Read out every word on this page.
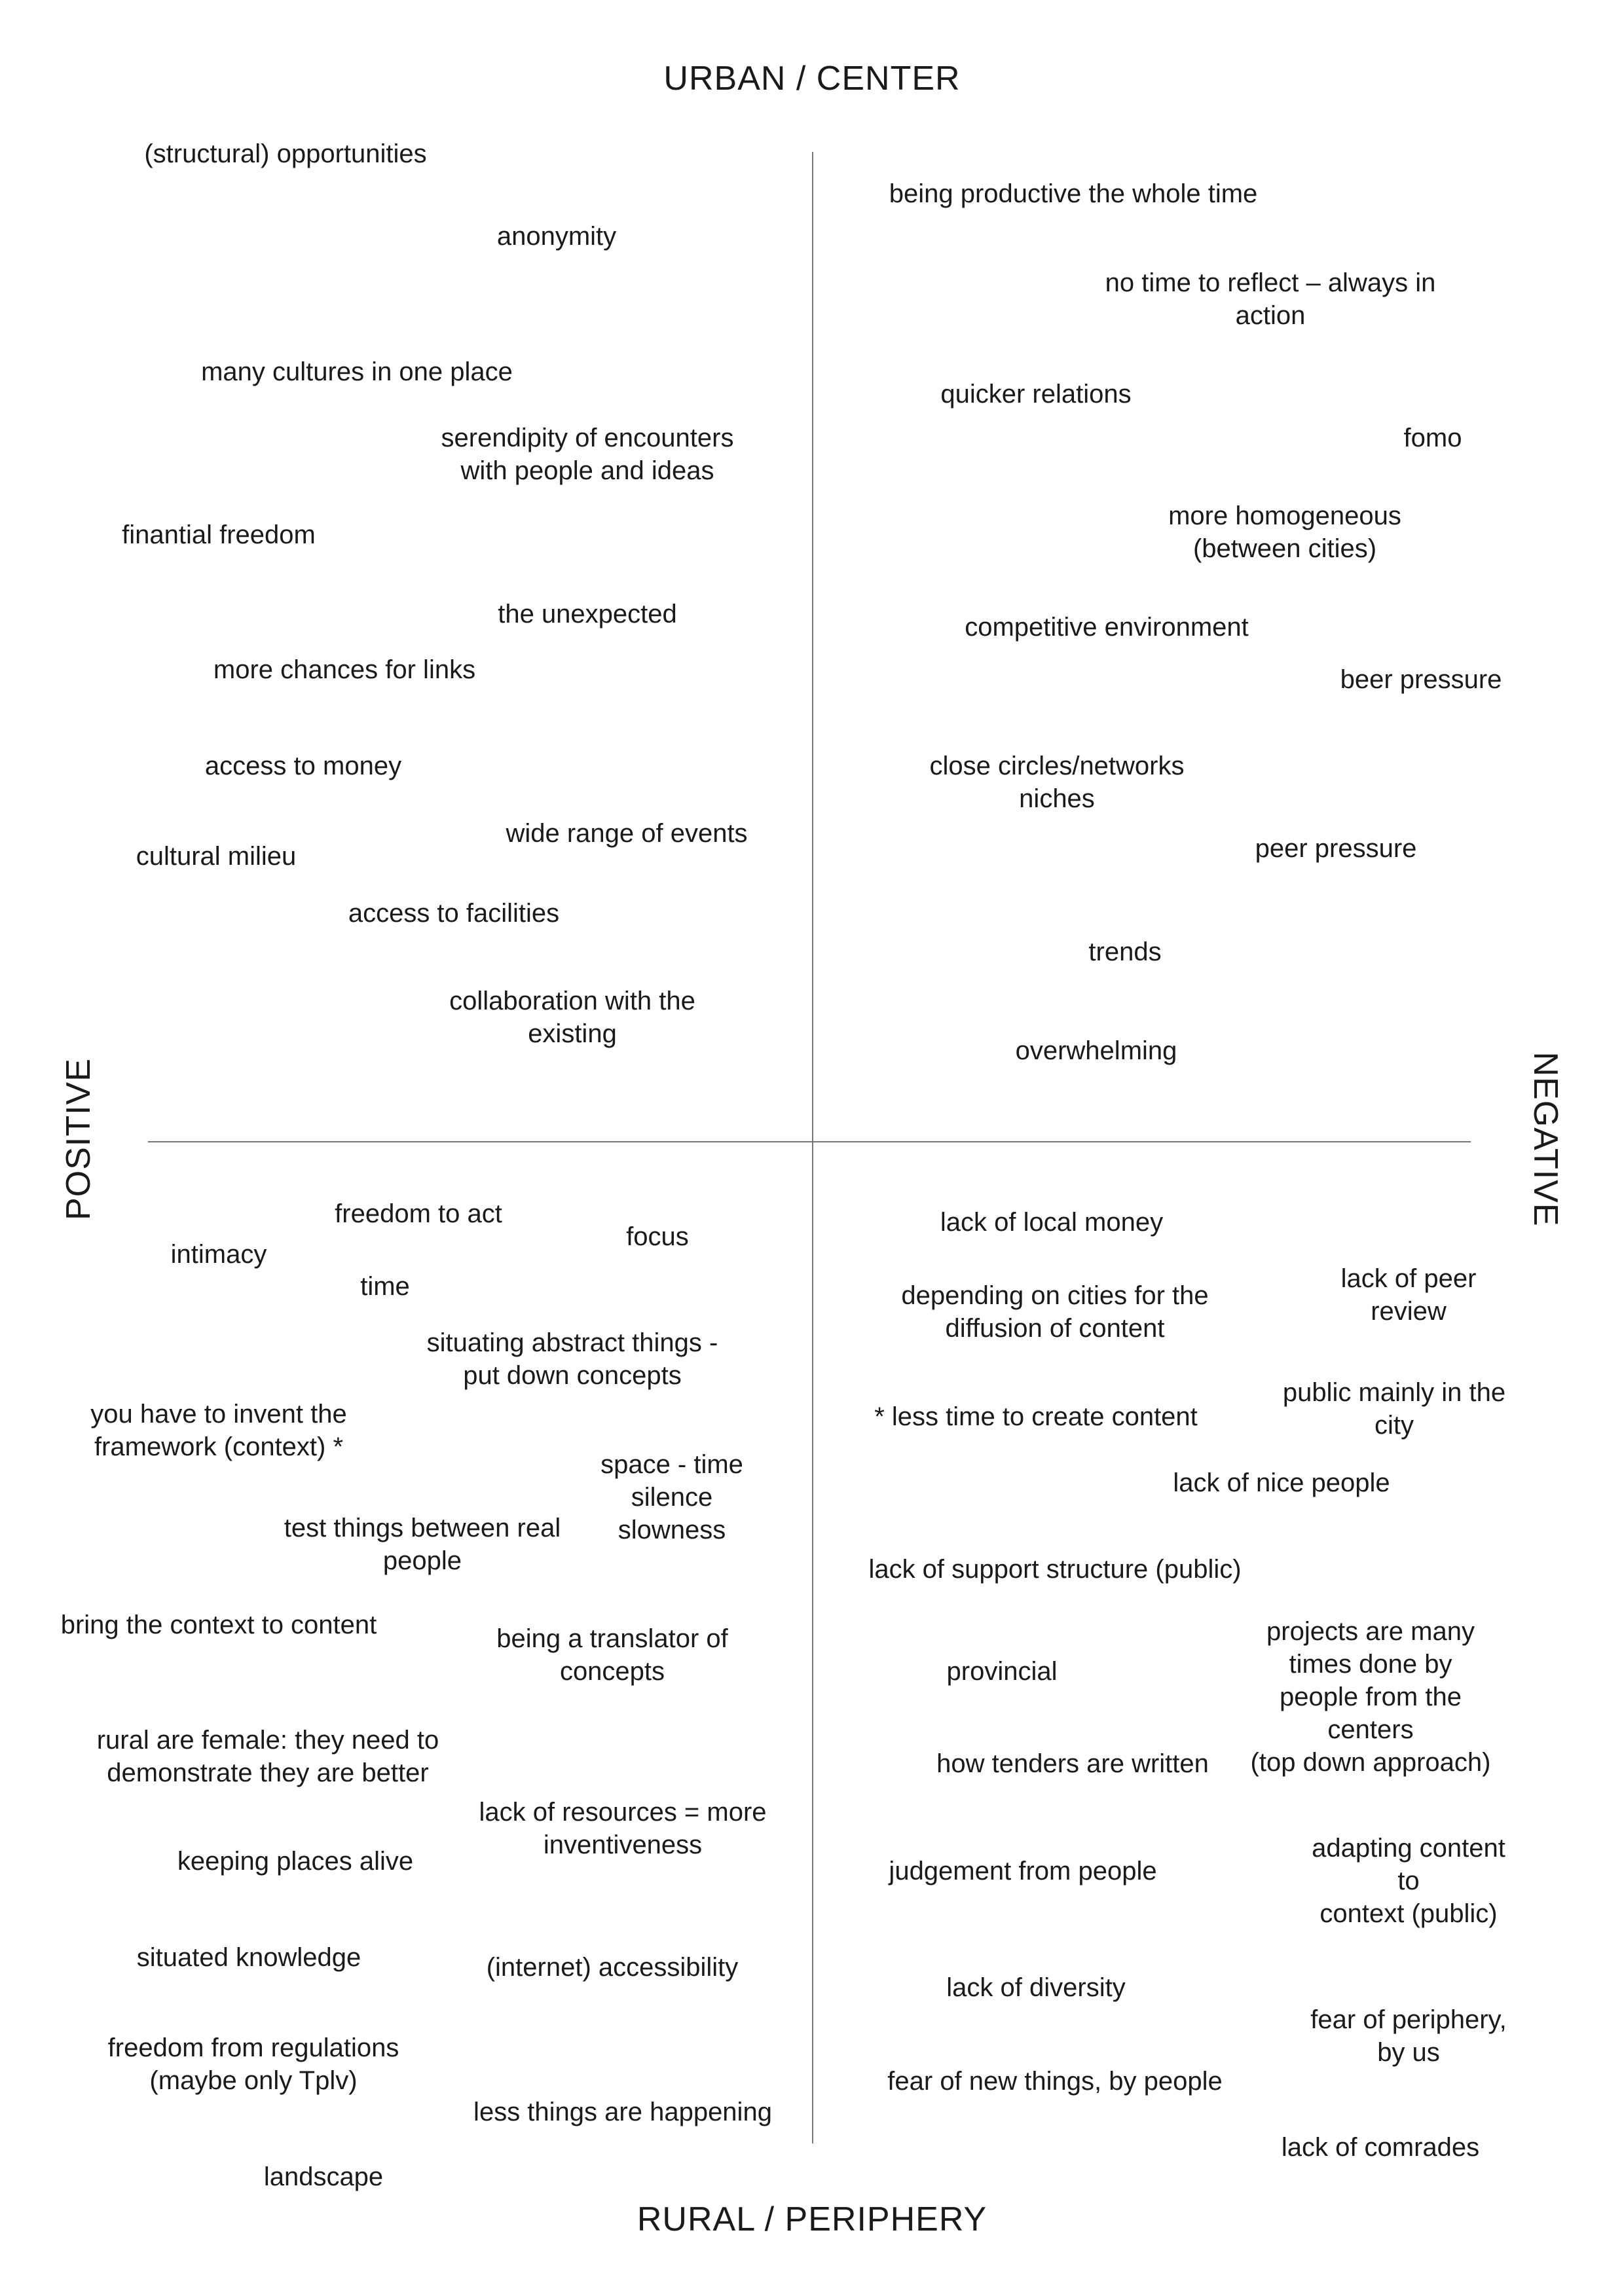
URBAN / CENTER
RURAL / PERIPHERY
POSITIVE	NEGATIVE
(structural) opportunities
anonymity
many cultures in one place
serendipity of encounters
with people and ideas
finantial freedom
the unexpected
more chances for links
access to money
wide range of events
cultural milieu
access to facilities
collaboration with the
existing
being productive the whole time
no time to reflect – always in action
quicker relations
fomo
more homogeneous
(between cities)
competitive environment
beer pressure
close circles/networks
niches
peer pressure
trends
overwhelming
freedom to act
focus
intimacy
time
situating abstract things -
put down concepts
you have to invent the
framework (context) *
space - time
silence
slowness
test things between real
people
bring the context to content	being a translator of
concepts
rural are female: they need to
demonstrate they are better
lack of resources = more
inventiveness
keeping places alive
situated knowledge	(internet) accessibility
freedom from regulations
(maybe only Tplv)
less things are happening
landscape
lack of local money
lack of peer review
depending on cities for the
diffusion of content
public mainly in the city
* less time to create content
lack of nice people
lack of support structure (public)
projects are many times done by
people from the centers
(top down approach)
provincial
how tenders are written
adapting content to
context (public)
judgement from people
lack of diversity
fear of periphery, by us
fear of new things, by people
lack of comrades
